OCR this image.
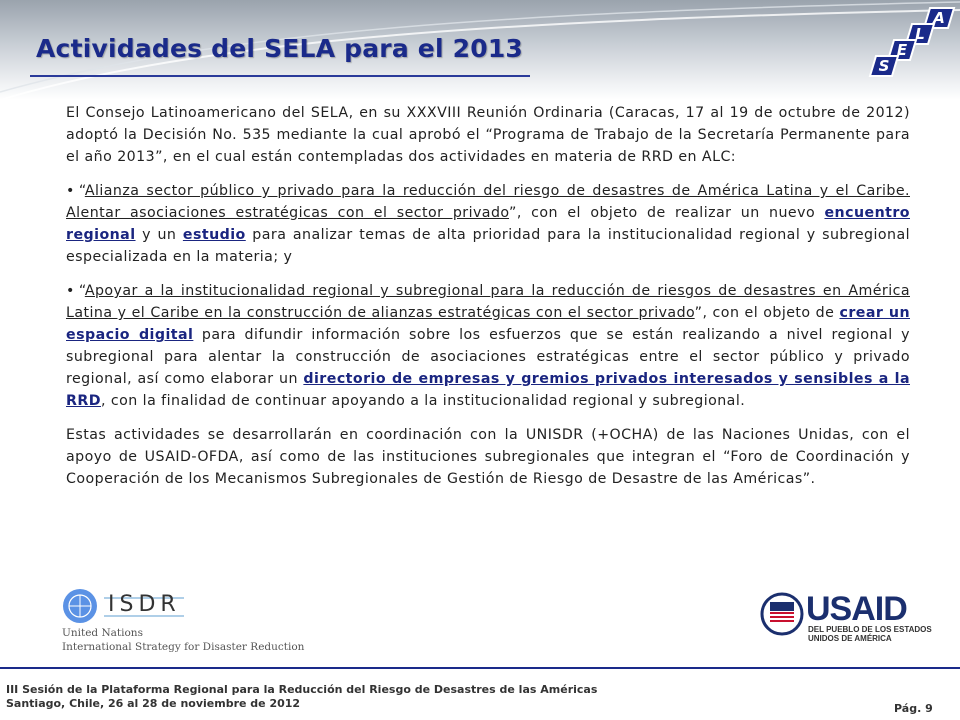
Actividades del SELA para el 2013
A
L
E
S

El Consejo Latinoamericano del SELA, en su XXXVIII Reunión Ordinaria (Caracas, 17 al 19 de octubre de 2012) adoptó la Decisión No. 535 mediante la cual aprobó el “Programa de Trabajo de la Secretaría Permanente para el año 2013”, en el cual están contempladas dos actividades en materia de RRD en ALC:

• “Alianza sector público y privado para la reducción del riesgo de desastres de América Latina y el Caribe. Alentar asociaciones estratégicas con el sector privado”, con el objeto de realizar un nuevo encuentro regional y un estudio para analizar temas de alta prioridad para la institucionalidad regional y subregional especializada en la materia; y
• “Apoyar a la institucionalidad regional y subregional para la reducción de riesgos de desastres en América Latina y el Caribe en la construcción de alianzas estratégicas con el sector privado”, con el objeto de crear un espacio digital para difundir información sobre los esfuerzos que se están realizando a nivel regional y subregional para alentar la construcción de asociaciones estratégicas entre el sector público y privado regional, así como elaborar un directorio de empresas y gremios privados interesados y sensibles a la RRD, con la finalidad de continuar apoyando a la institucionalidad regional y subregional.

Estas actividades se desarrollarán en coordinación con la UNISDR (+OCHA) de las Naciones Unidas, con el apoyo de USAID-OFDA, así como de las instituciones subregionales que integran el “Foro de Coordinación y Cooperación de los Mecanismos Subregionales de Gestión de Riesgo de Desastre de las Américas”.

ISDR
United Nations
International Strategy for Disaster Reduction
USAID
DEL PUEBLO DE LOS ESTADOS
UNIDOS DE AMÉRICA
III Sesión de la Plataforma Regional para la Reducción del Riesgo de Desastres de las Américas
Santiago, Chile, 26 al 28 de noviembre de 2012	Pág. 9
